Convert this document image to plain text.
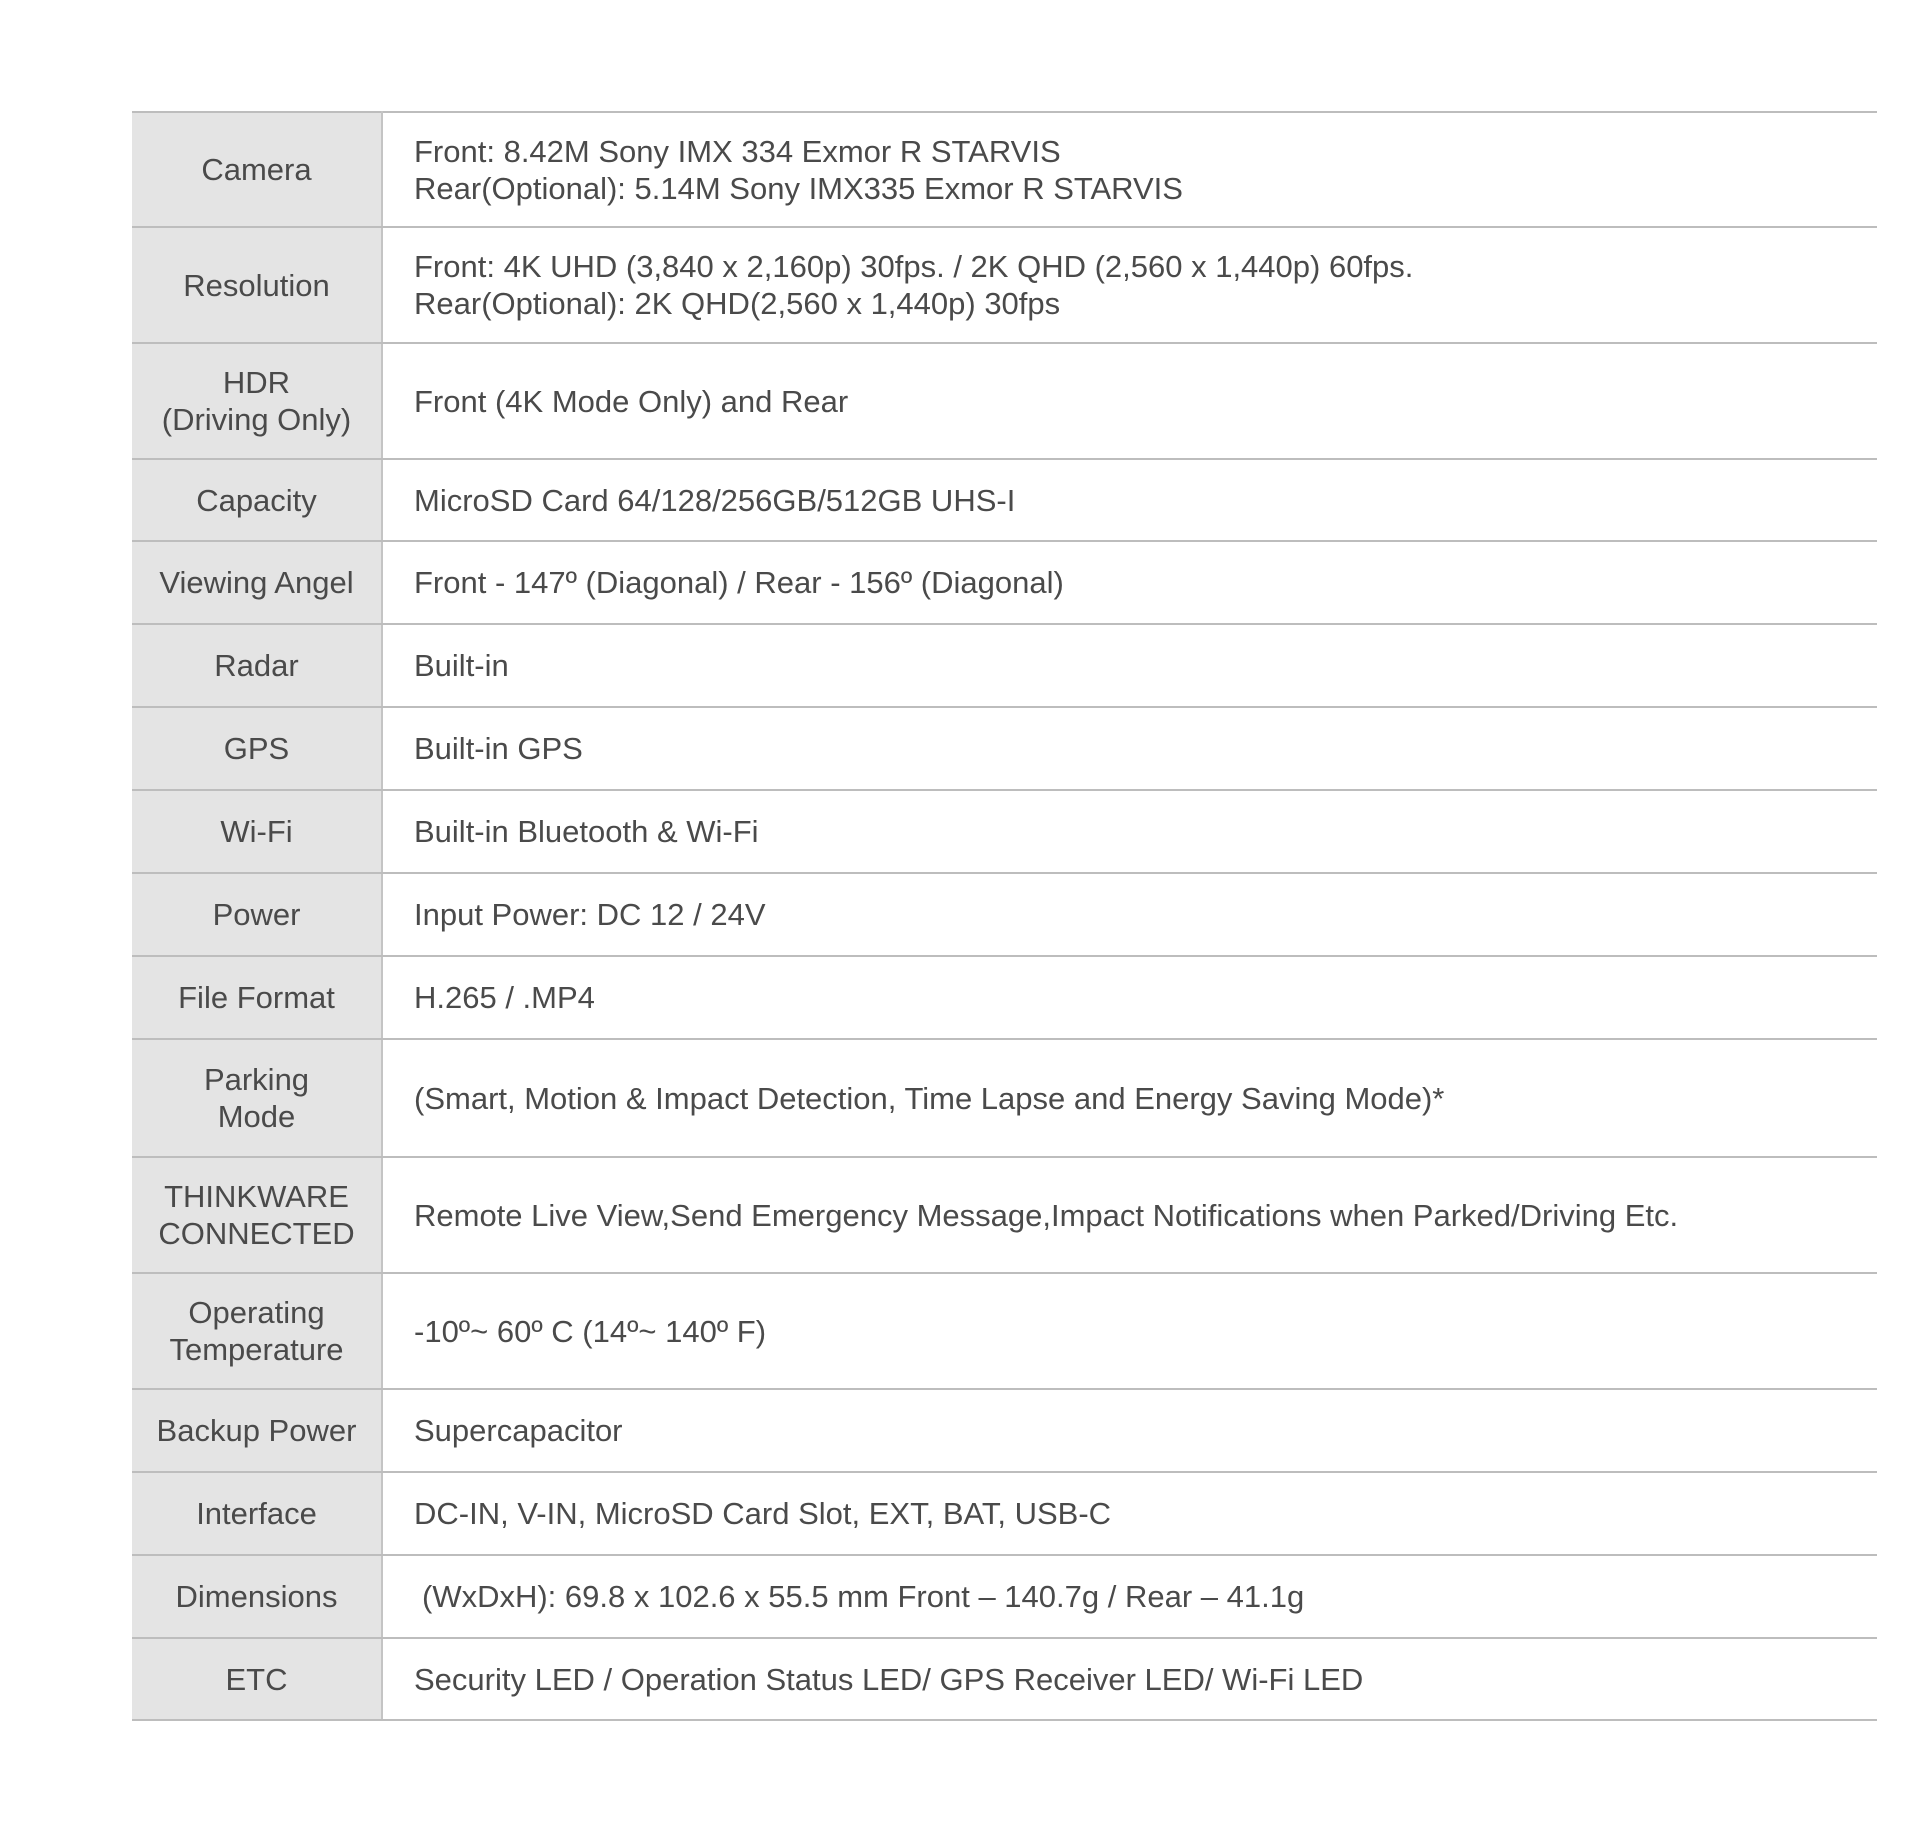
Camera	Front: 8.42M Sony IMX 334 Exmor R STARVIS
Rear(Optional): 5.14M Sony IMX335 Exmor R STARVIS

Resolution	Front: 4K UHD (3,840 x 2,160p) 30fps. / 2K QHD (2,560 x 1,440p) 60fps.
Rear(Optional): 2K QHD(2,560 x 1,440p) 30fps

HDR
(Driving Only)	Front (4K Mode Only) and Rear

Capacity	MicroSD Card 64/128/256GB/512GB UHS-I

Viewing Angel	Front - 147º (Diagonal) / Rear - 156º (Diagonal)

Radar	Built-in

GPS	Built-in GPS

Wi-Fi	Built-in Bluetooth & Wi-Fi

Power	Input Power: DC 12 / 24V

File Format	H.265 / .MP4

Parking
Mode	(Smart, Motion & Impact Detection, Time Lapse and Energy Saving Mode)*

THINKWARE
CONNECTED	Remote Live View,Send Emergency Message,Impact Notifications when Parked/Driving Etc.

Operating
Temperature	-10º~ 60º C (14º~ 140º F)

Backup Power	Supercapacitor

Interface	DC-IN, V-IN, MicroSD Card Slot, EXT, BAT, USB-C

Dimensions	(WxDxH): 69.8 x 102.6 x 55.5 mm Front – 140.7g / Rear – 41.1g

ETC	Security LED / Operation Status LED/ GPS Receiver LED/ Wi-Fi LED
